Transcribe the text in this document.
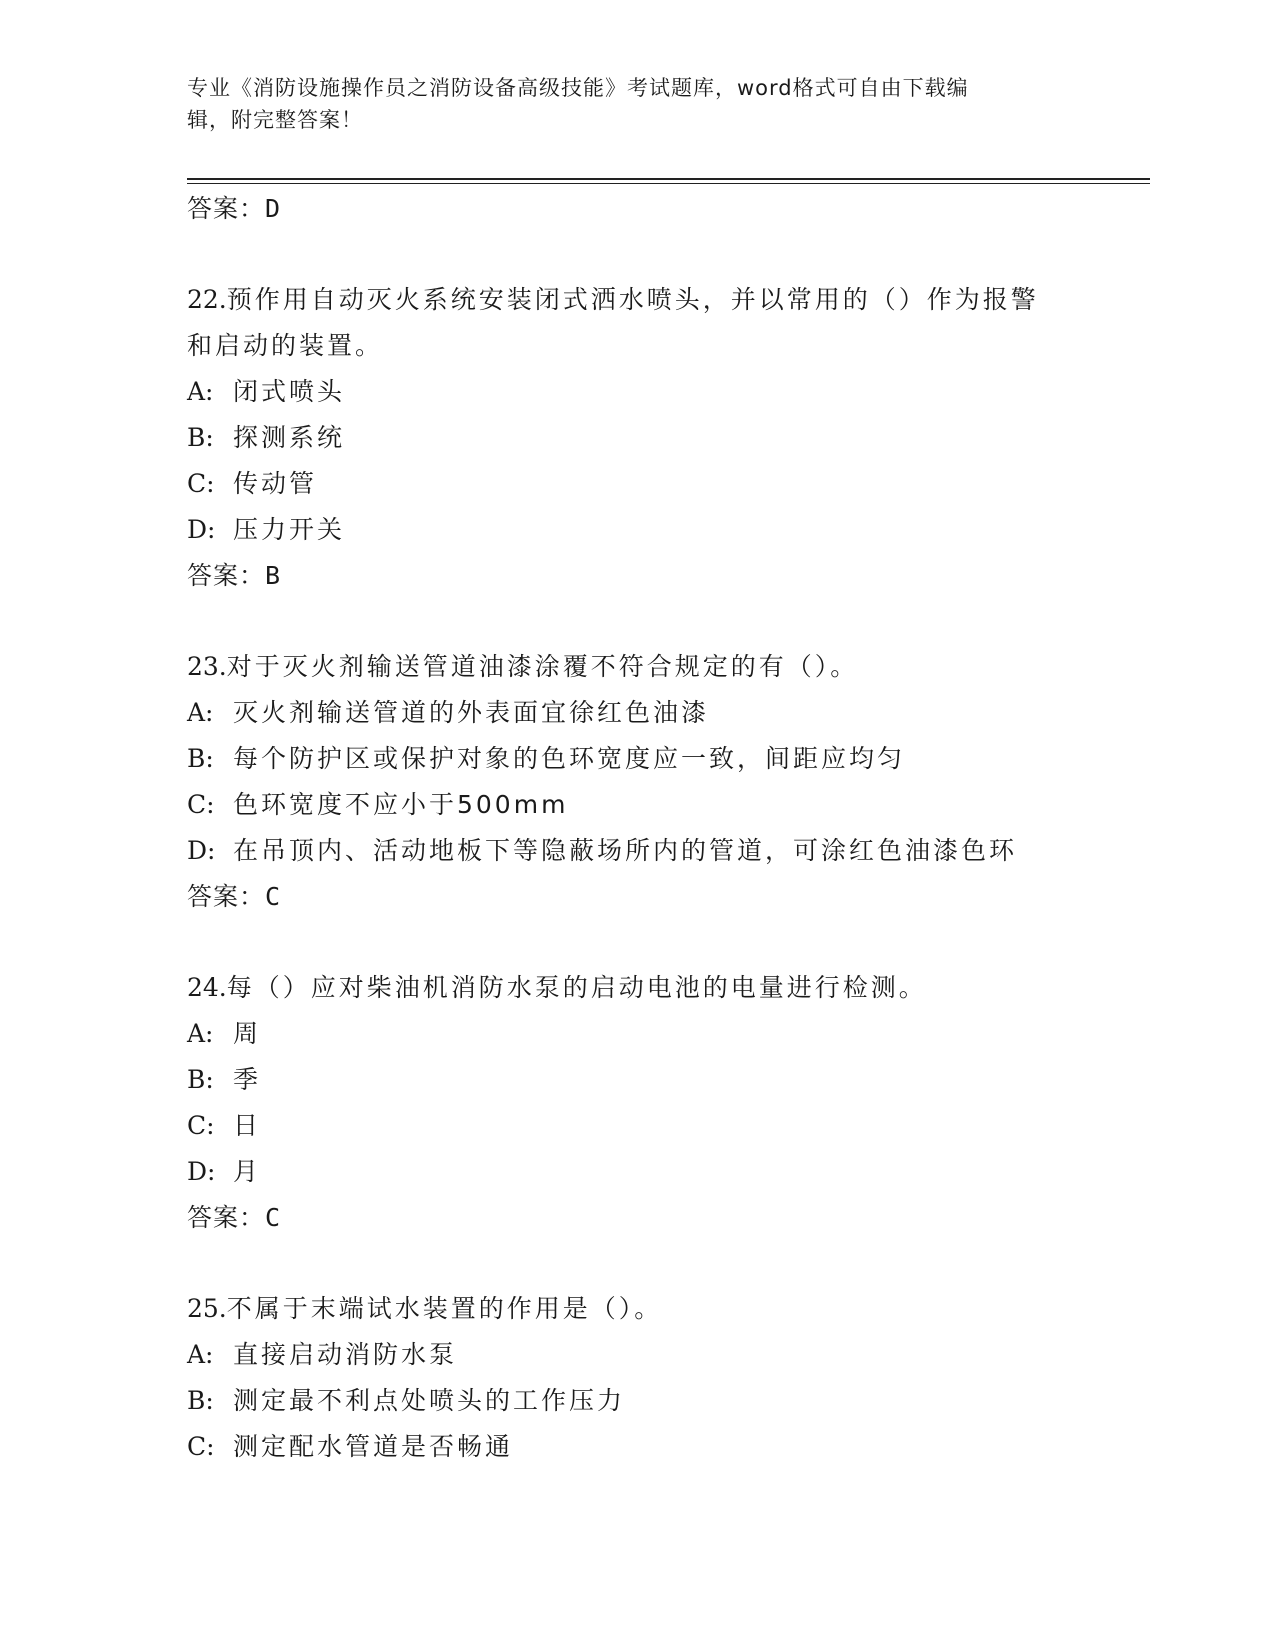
专业《消防设施操作员之消防设备高级技能》考试题库，word格式可自由下载编
辑，附完整答案！
答案：D
22.预作用自动灭火系统安装闭式洒水喷头，并以常用的（）作为报警
和启动的装置。
A: 闭式喷头
B: 探测系统
C: 传动管
D: 压力开关
答案：B
23.对于灭火剂输送管道油漆涂覆不符合规定的有（）。
A: 灭火剂输送管道的外表面宜徐红色油漆
B: 每个防护区或保护对象的色环宽度应一致，间距应均匀
C: 色环宽度不应小于500mm
D: 在吊顶内、活动地板下等隐蔽场所内的管道，可涂红色油漆色环
答案：C
24.每（）应对柴油机消防水泵的启动电池的电量进行检测。
A: 周
B: 季
C: 日
D: 月
答案：C
25.不属于末端试水装置的作用是（）。
A: 直接启动消防水泵
B: 测定最不利点处喷头的工作压力
C: 测定配水管道是否畅通
